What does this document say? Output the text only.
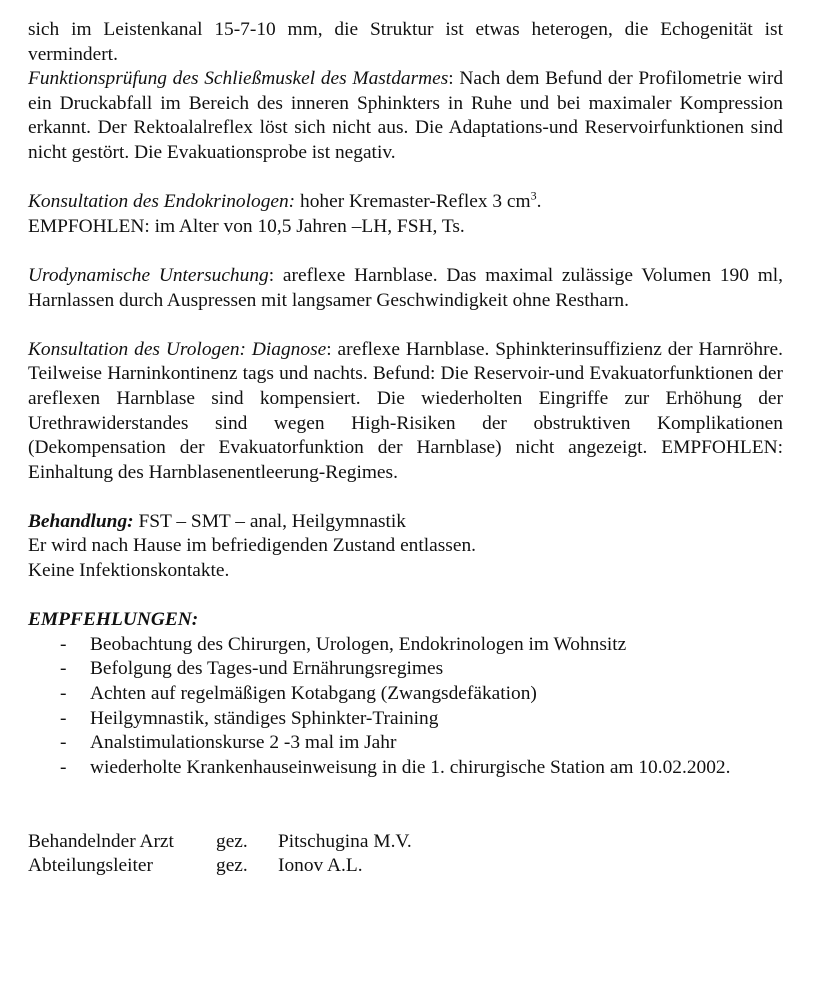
sich im Leistenkanal 15-7-10 mm, die Struktur ist etwas heterogen, die Echogenität ist vermindert.

Funktionsprüfung des Schließmuskel des Mastdarmes: Nach dem Befund der Profilometrie wird ein Druckabfall im Bereich des inneren Sphinkters in Ruhe und bei maximaler Kompression erkannt. Der Rektoalalreflex löst sich nicht aus. Die Adaptations-und Reservoirfunktionen sind nicht gestört. Die Evakuationsprobe ist negativ.

Konsultation des Endokrinologen: hoher Kremaster-Reflex 3 $cm^3$.

EMPFOHLEN: im Alter von 10,5 Jahren –LH, FSH, Ts.

Urodynamische Untersuchung: areflexe Harnblase. Das maximal zulässige Volumen 190 ml, Harnlassen durch Auspressen mit langsamer Geschwindigkeit ohne Restharn.

Konsultation des Urologen: Diagnose: areflexe Harnblase. Sphinkterinsuffizienz der Harnröhre. Teilweise Harninkontinenz tags und nachts. Befund: Die Reservoir-und Evakuatorfunktionen der areflexen Harnblase sind kompensiert. Die wiederholten Eingriffe zur Erhöhung der Urethrawiderstandes sind wegen High-Risiken der obstruktiven Komplikationen (Dekompensation der Evakuatorfunktion der Harnblase) nicht angezeigt. EMPFOHLEN: Einhaltung des Harnblasenentleerung-Regimes.

Behandlung: FST – SMT – anal, Heilgymnastik

Er wird nach Hause im befriedigenden Zustand entlassen.

Keine Infektionskontakte.

EMPFEHLUNGEN:

- Beobachtung des Chirurgen, Urologen, Endokrinologen im Wohnsitz
- Befolgung des Tages-und Ernährungsregimes
- Achten auf regelmäßigen Kotabgang (Zwangsdefäkation)
- Heilgymnastik, ständiges Sphinkter-Training
- Analstimulationskurse 2 -3 mal im Jahr
- wiederholte Krankenhauseinweisung in die 1. chirurgische Station am 10.02.2002.
Behandelnder Arzt	gez.	Pitschugina M.V.
Abteilungsleiter	gez.	Ionov A.L.
